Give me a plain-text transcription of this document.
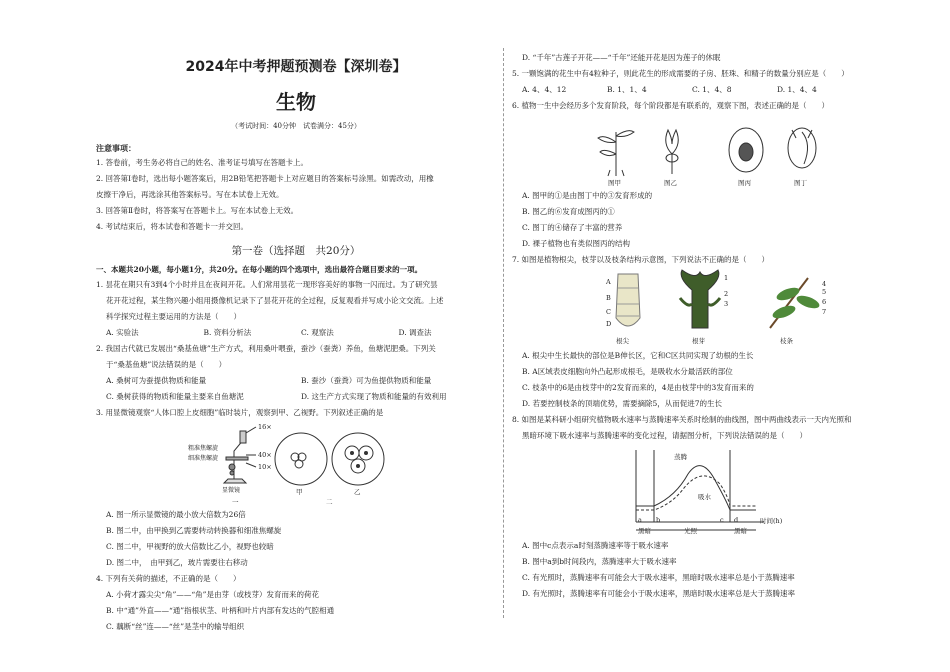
2024年中考押题预测卷【深圳卷】
生物
（考试时间：40分钟　试卷满分：45分）
注意事项：

1. 答卷前，考生务必将自己的姓名、准考证号填写在答题卡上。

2. 回答第Ⅰ卷时，选出每小题答案后，用2B铅笔把答题卡上对应题目的答案标号涂黑。如需改动，用橡

皮擦干净后，再选涂其他答案标号。写在本试卷上无效。

3. 回答第Ⅱ卷时，将答案写在答题卡上。写在本试卷上无效。

4. 考试结束后，将本试卷和答题卡一并交回。

第一卷（选择题　共20分）
一、本题共20小题，每小题1分，共20分。在每小题的四个选项中，选出最符合题目要求的一项。

1. 昙花在期只有3到4个小时并且在夜间开花。人们常用昙花一现形容美好的事物一闪而过。为了研究昙

花开花过程，某生物兴趣小组用摄像机记录下了昙花开花的全过程，反复观看并写成小论文交流。上述

科学探究过程主要运用的方法是（　　）

A. 实验法	B. 资料分析法	C. 观察法	D. 调查法

2. 我国古代就已发展出“桑基鱼塘”生产方式，利用桑叶喂蚕，蚕沙（蚕粪）养鱼，鱼塘泥肥桑。下列关

于“桑基鱼塘”说法错误的是（　　）

A. 桑树可为蚕提供物质和能量	B. 蚕沙（蚕粪）可为鱼提供物质和能量
C. 桑树获得的物质和能量主要来自鱼塘泥	D. 这生产方式实现了物质和能量的有效利用

3. 用显微镜观察“人体口腔上皮细胞”临时装片，观察到甲、乙视野。下列叙述正确的是

16×
40×
10×
粗准焦螺旋
细准焦螺旋
显微镜	甲	乙
一	二

A. 图一所示显微镜的最小放大倍数为26倍

B. 图二中，由甲换到乙需要转动转换器和细准焦螺旋

C. 图二中，甲视野的放大倍数比乙小，视野也较暗

D. 图二中，　由甲到乙，玻片需要往右移动

4. 下列有关荷的描述，不正确的是（　　）

A. 小荷才露尖尖“角”——“角”是由芽（或枝芽）发育而来的荷花

B. 中“通”外直——“通”指根状茎、叶柄和叶片内部有发达的气腔相通

C. 藕断“丝”连——“丝”是茎中的输导组织

D. “千年”古莲子开花——“千年”还能开花是因为莲子的休眠

5. 一颗饱满的花生中有4粒种子，则此花生的形成需要的子房、胚珠、和精子的数量分别应是（　　）

A. 4、4、12	B. 1、1、4	C. 1、4、8	D. 1、4、4

6. 植物一生中会经历多个发育阶段，每个阶段都是有联系的，观察下图，表述正确的是（　　）

图甲	图乙	图丙	图丁

A. 图甲的①是由图丁中的③发育形成的

B. 图乙的⑥发育成图丙的①

C. 图丁的④储存了丰富的营养

D. 裸子植物也有类似图丙的结构

7. 如图是植物根尖，枝芽以及枝条结构示意图，下列说法不正确的是（　　）

A
B
C
D
1
2
3
4
5
6
7
根尖	根芽	枝条

A. 根尖中生长最快的部位是B伸长区，它和C区共同实现了幼根的生长

B. A区域表皮细胞向外凸起形成根毛，是吸收水分最活跃的部位

C. 枝条中的6是由枝芽中的2发育而来的，4是由枝芽中的3发育而来的

D. 若要控制枝条的顶端优势，需要摘除5，从而促进7的生长

8. 如图是某科研小组研究植物吸水速率与蒸腾速率关系时绘制的曲线图，图中两曲线表示一天内光照和

黑暗环境下吸水速率与蒸腾速率的变化过程，请据图分析，下列说法错误的是（　　）

蒸腾
吸水
时间(h)
a b	c d
黑暗	光照	黑暗

A. 图中c点表示a时刻蒸腾速率等于吸水速率

B. 图中a到b时间段内，蒸腾速率大于吸水速率

C. 有光照时，蒸腾速率有可能会大于吸水速率，黑暗时吸水速率总是小于蒸腾速率

D. 有光照时，蒸腾速率有可能会小于吸水速率，黑暗时吸水速率总是大于蒸腾速率
